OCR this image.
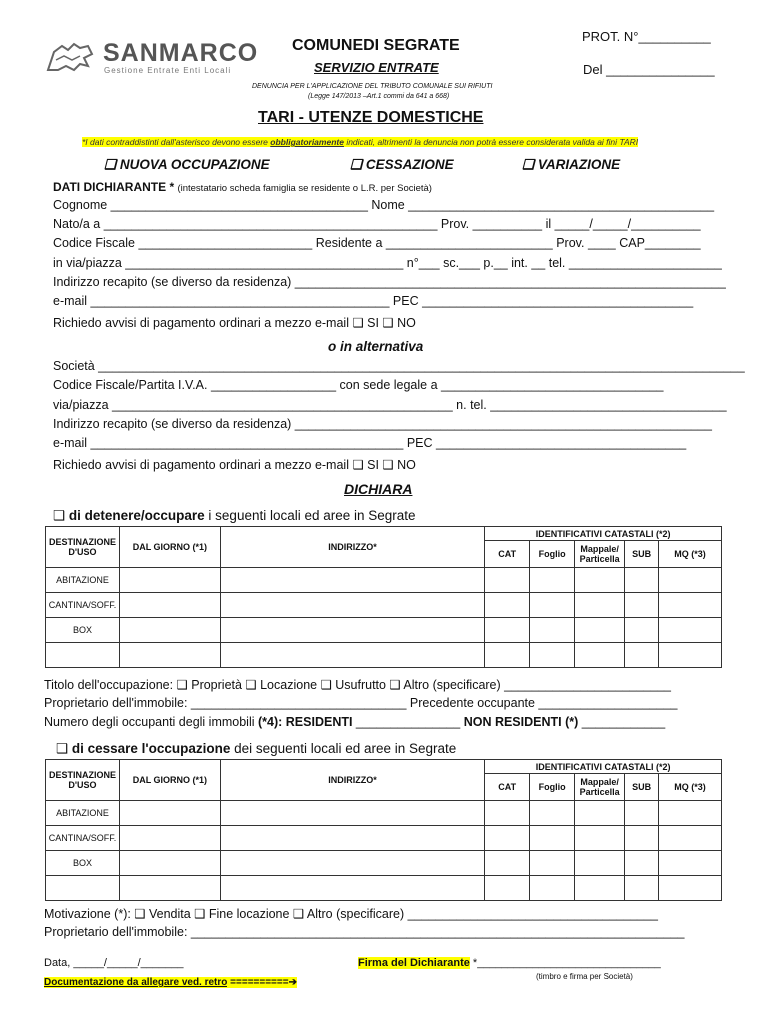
SANMARCO
Gestione Entrate Enti Locali
COMUNEDI SEGRATE
SERVIZIO ENTRATE
DENUNCIA PER L'APPLICAZIONE DEL TRIBUTO COMUNALE SUI RIFIUTI
(Legge 147/2013 –Art.1 commi da 641 a 668)
PROT. N°__________
Del _______________
TARI - UTENZE DOMESTICHE
*I dati contraddistinti dall'asterisco devono essere obbligatoriamente indicati, altrimenti la denuncia non potrà essere considerata valida ai fini TARI
❑ NUOVA OCCUPAZIONE	❑ CESSAZIONE	❑ VARIAZIONE
DATI DICHIARANTE * (intestatario scheda famiglia se residente o L.R. per Società)
Cognome _____________________________________ Nome ____________________________________________
Nato/a a ________________________________________________ Prov. __________ il _____/_____/__________
Codice Fiscale _________________________ Residente a ________________________ Prov. ____ CAP________
in via/piazza ________________________________________ n°___ sc.___ p.__ int. __ tel. ______________________
Indirizzo recapito (se diverso da residenza) ______________________________________________________________
e-mail ___________________________________________ PEC _______________________________________
Richiedo avvisi di pagamento ordinari a mezzo e-mail ❑ SI ❑ NO
o in alternativa
Società _____________________________________________________________________________________________
Codice Fiscale/Partita I.V.A. __________________ con sede legale a ________________________________
via/piazza _________________________________________________ n. tel. __________________________________
Indirizzo recapito (se diverso da residenza) ____________________________________________________________
e-mail _____________________________________________ PEC ____________________________________
Richiedo avvisi di pagamento ordinari a mezzo e-mail ❑ SI ❑ NO
DICHIARA
❑ di detenere/occupare i seguenti locali ed aree in Segrate
DESTINAZIONE D'USO	DAL GIORNO (*1)	INDIRIZZO*	IDENTIFICATIVI CATASTALI (*2)				
			CAT	Foglio	Mappale/ Particella	SUB	MQ (*3)
ABITAZIONE							
CANTINA/SOFF.							
BOX							

Titolo dell'occupazione: ❑ Proprietà ❑ Locazione ❑ Usufrutto ❑ Altro (specificare) ________________________
Proprietario dell'immobile: _______________________________ Precedente occupante ____________________
Numero degli occupanti degli immobili (*4): RESIDENTI _______________ NON RESIDENTI (*) ____________
❑ di cessare l'occupazione dei seguenti locali ed aree in Segrate
DESTINAZIONE D'USO	DAL GIORNO (*1)	INDIRIZZO*	IDENTIFICATIVI CATASTALI (*2)				
			CAT	Foglio	Mappale/ Particella	SUB	MQ (*3)
ABITAZIONE							
CANTINA/SOFF.							
BOX							

Motivazione (*): ❑ Vendita ❑ Fine locazione ❑ Altro (specificare) ____________________________________
Proprietario dell'immobile: _______________________________________________________________________
Data, _____/_____/_______	Firma del Dichiarante *______________________________
(timbro e firma per Società)
Documentazione da allegare ved. retro ==========➔
